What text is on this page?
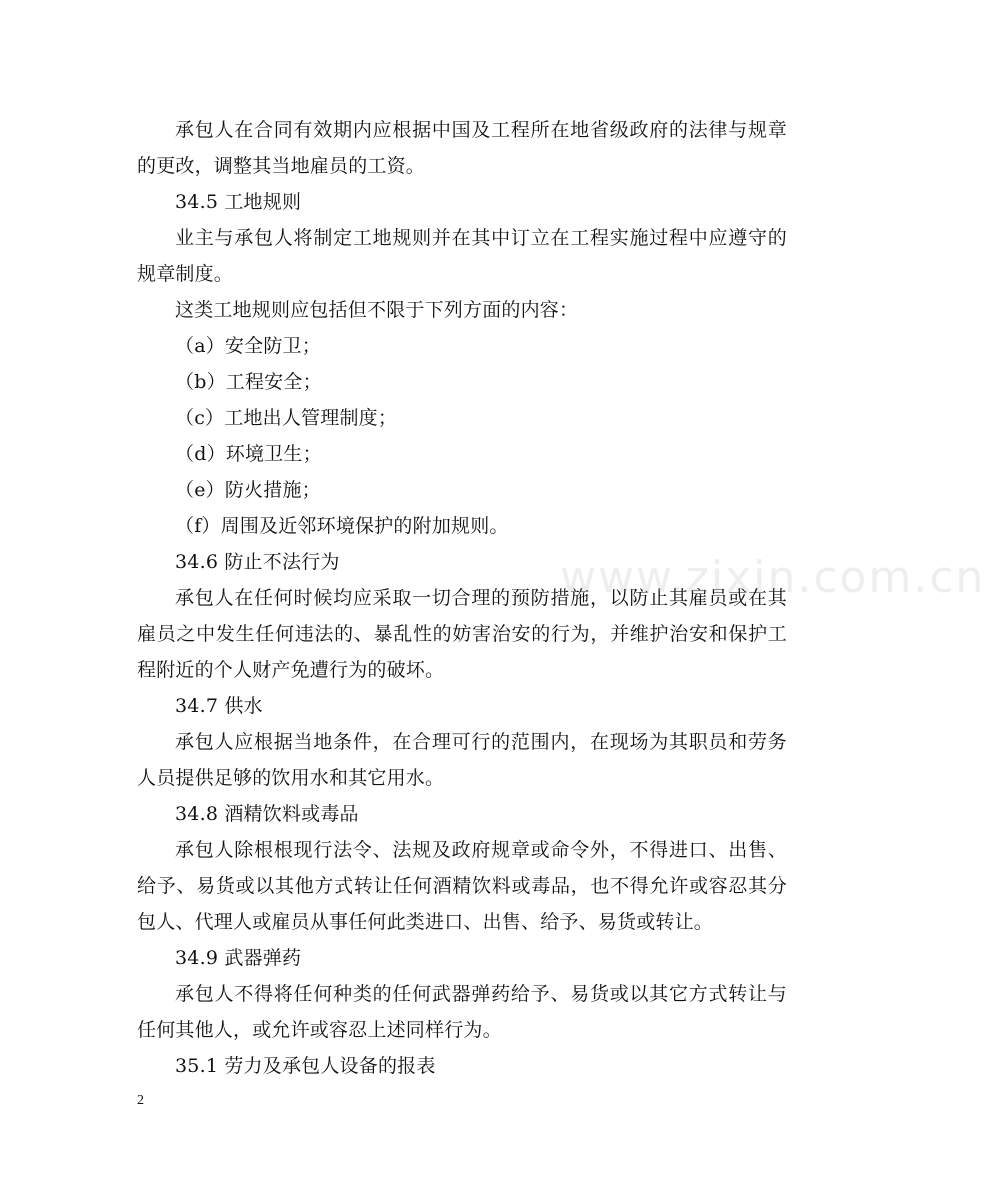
承包人在合同有效期内应根据中国及工程所在地省级政府的法律与规章的更改，调整其当地雇员的工资。

34.5 工地规则

业主与承包人将制定工地规则并在其中订立在工程实施过程中应遵守的规章制度。

这类工地规则应包括但不限于下列方面的内容：

（a）安全防卫；

（b）工程安全；

（c）工地出人管理制度；

（d）环境卫生；

（e）防火措施；

（f）周围及近邻环境保护的附加规则。

34.6 防止不法行为

承包人在任何时候均应采取一切合理的预防措施，以防止其雇员或在其雇员之中发生任何违法的、暴乱性的妨害治安的行为，并维护治安和保护工程附近的个人财产免遭行为的破坏。

34.7 供水

承包人应根据当地条件，在合理可行的范围内，在现场为其职员和劳务人员提供足够的饮用水和其它用水。

34.8 酒精饮料或毒品

承包人除根根现行法令、法规及政府规章或命令外，不得进口、出售、给予、易货或以其他方式转让任何酒精饮料或毒品，也不得允许或容忍其分包人、代理人或雇员从事任何此类进口、出售、给予、易货或转让。

34.9 武器弹药

承包人不得将任何种类的任何武器弹药给予、易货或以其它方式转让与任何其他人，或允许或容忍上述同样行为。

35.1 劳力及承包人设备的报表

www.zixin.com.cn
2
